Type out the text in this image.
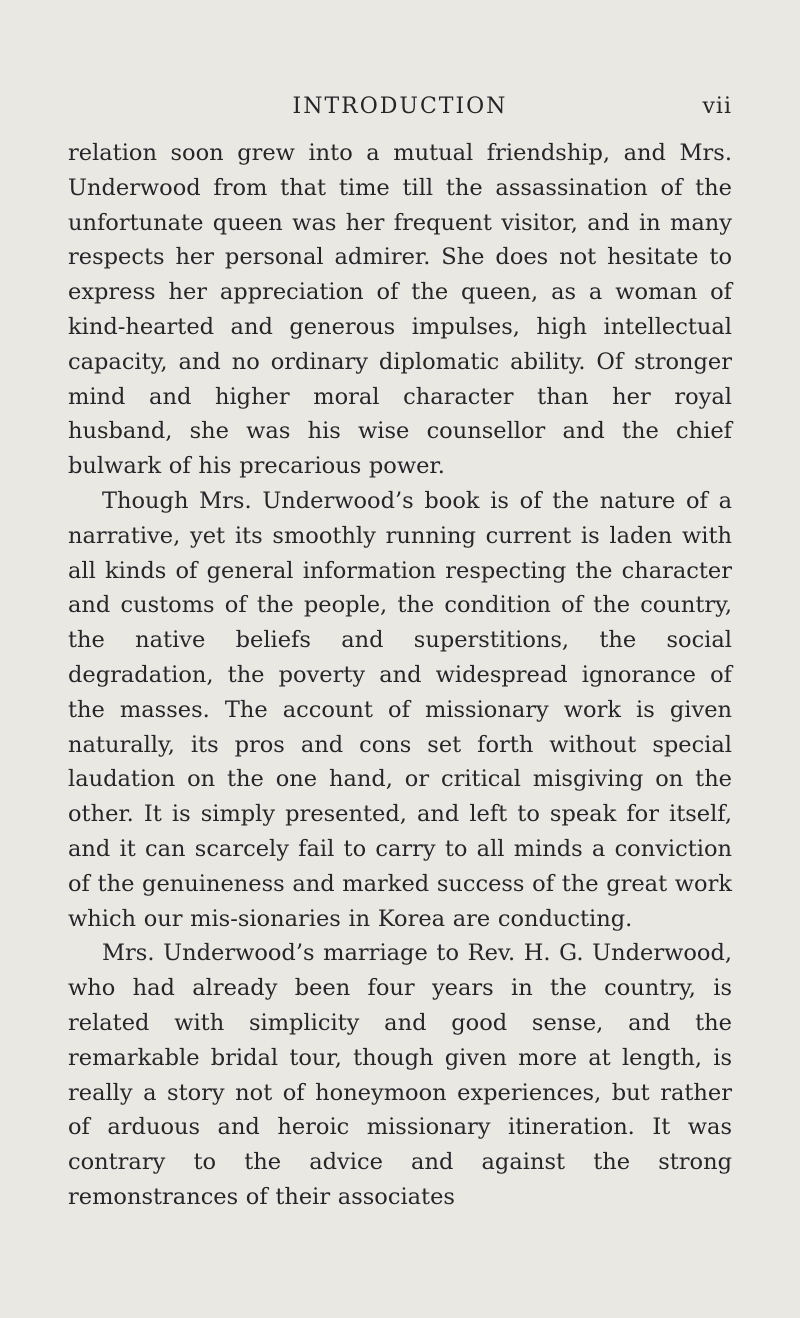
INTRODUCTION	vii

relation soon grew into a mutual friendship, and Mrs. Underwood from that time till the assassination of the unfortunate queen was her frequent visitor, and in many respects her personal admirer. She does not hesitate to express her appreciation of the queen, as a woman of kind-hearted and generous impulses, high intellectual capacity, and no ordinary diplomatic ability. Of stronger mind and higher moral character than her royal husband, she was his wise counsellor and the chief bulwark of his precarious power.

Though Mrs. Underwood’s book is of the nature of a narrative, yet its smoothly running current is laden with all kinds of general information respecting the character and customs of the people, the condition of the country, the native beliefs and superstitions, the social degradation, the poverty and widespread ignorance of the masses. The account of missionary work is given naturally, its pros and cons set forth without special laudation on the one hand, or critical misgiving on the other. It is simply presented, and left to speak for itself, and it can scarcely fail to carry to all minds a conviction of the genuineness and marked success of the great work which our mis-sionaries in Korea are conducting.

Mrs. Underwood’s marriage to Rev. H. G. Underwood, who had already been four years in the country, is related with simplicity and good sense, and the remarkable bridal tour, though given more at length, is really a story not of honeymoon experiences, but rather of arduous and heroic missionary itineration. It was contrary to the advice and against the strong remonstrances of their associates
